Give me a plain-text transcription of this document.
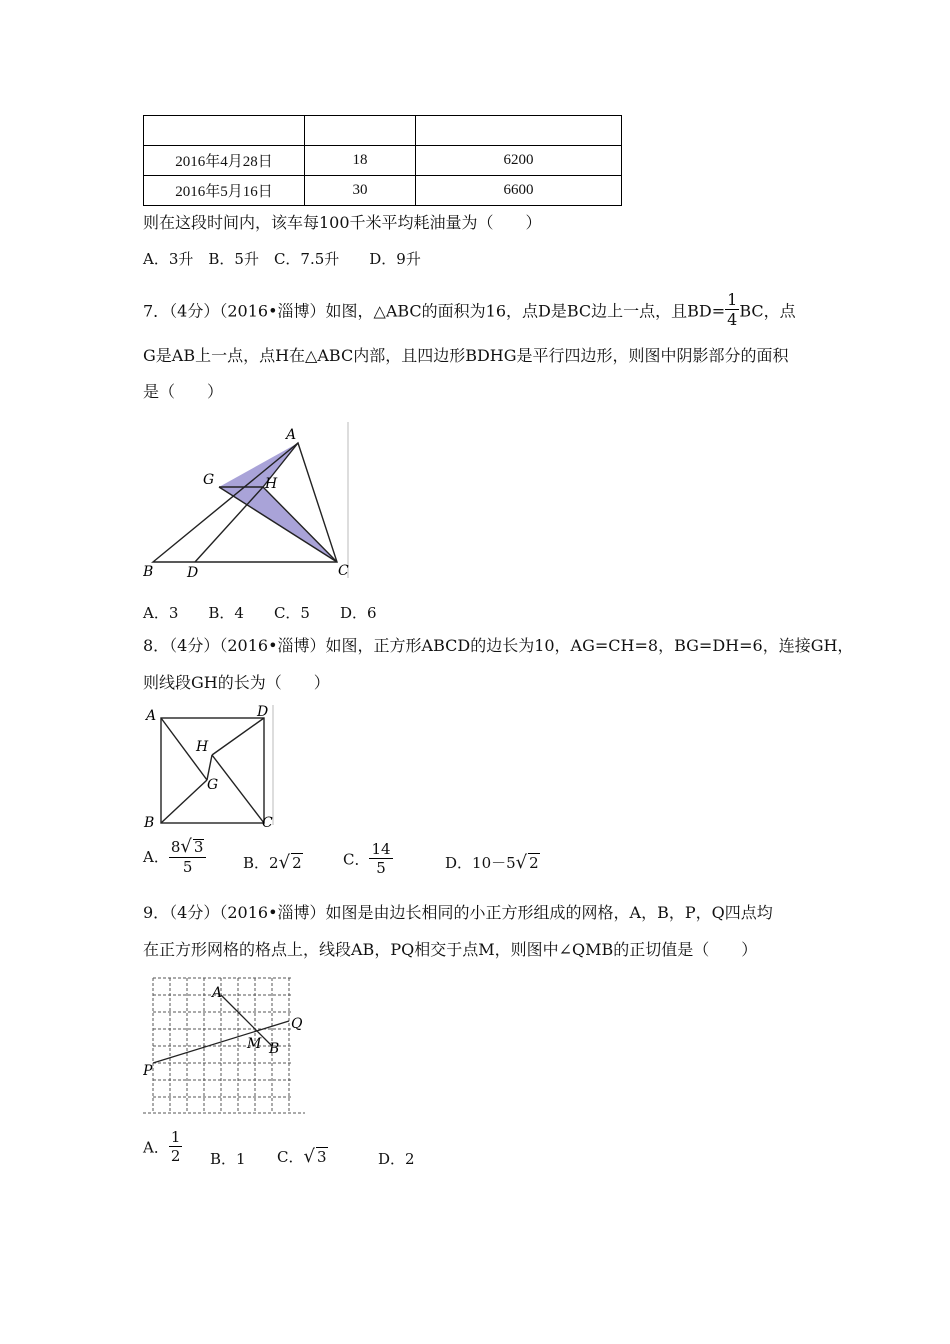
2016年4月28日	18	6200
2016年5月16日	30	6600
则在这段时间内，该车每100千米平均耗油量为（　　）
A．3升　B．5升　C．7.5升　　D．9升
7．（4分）（2016•淄博）如图，△ABC的面积为16，点D是BC边上一点，且$BD= \frac{1}{4}$ BC，点
G是AB上一点，点H在△ABC内部，且四边形BDHG是平行四边形，则图中阴影部分的面积
是（　　）
A
G	H
B D	C
A．3　　B．4　　C．5　　D．6
8．（4分）（2016•淄博）如图，正方形ABCD的边长为10，AG=CH=8，BG=DH=6，连接GH，
则线段GH的长为（　　）
A	D
H
G
B	C
A． $\frac{8√ 3}{5}$ B．2√ 2	C． $\frac{14}{5}$	D．10－5√ 2
9．（4分）（2016•淄博）如图是由边长相同的小正方形组成的网格，A，B，P，Q四点均
在正方形网格的格点上，线段AB，PQ相交于点M，则图中∠QMB的正切值是（　　）
A
Q
M B
P
A． $\frac{1}{2}$ B．1 C．√ 3	D．2
